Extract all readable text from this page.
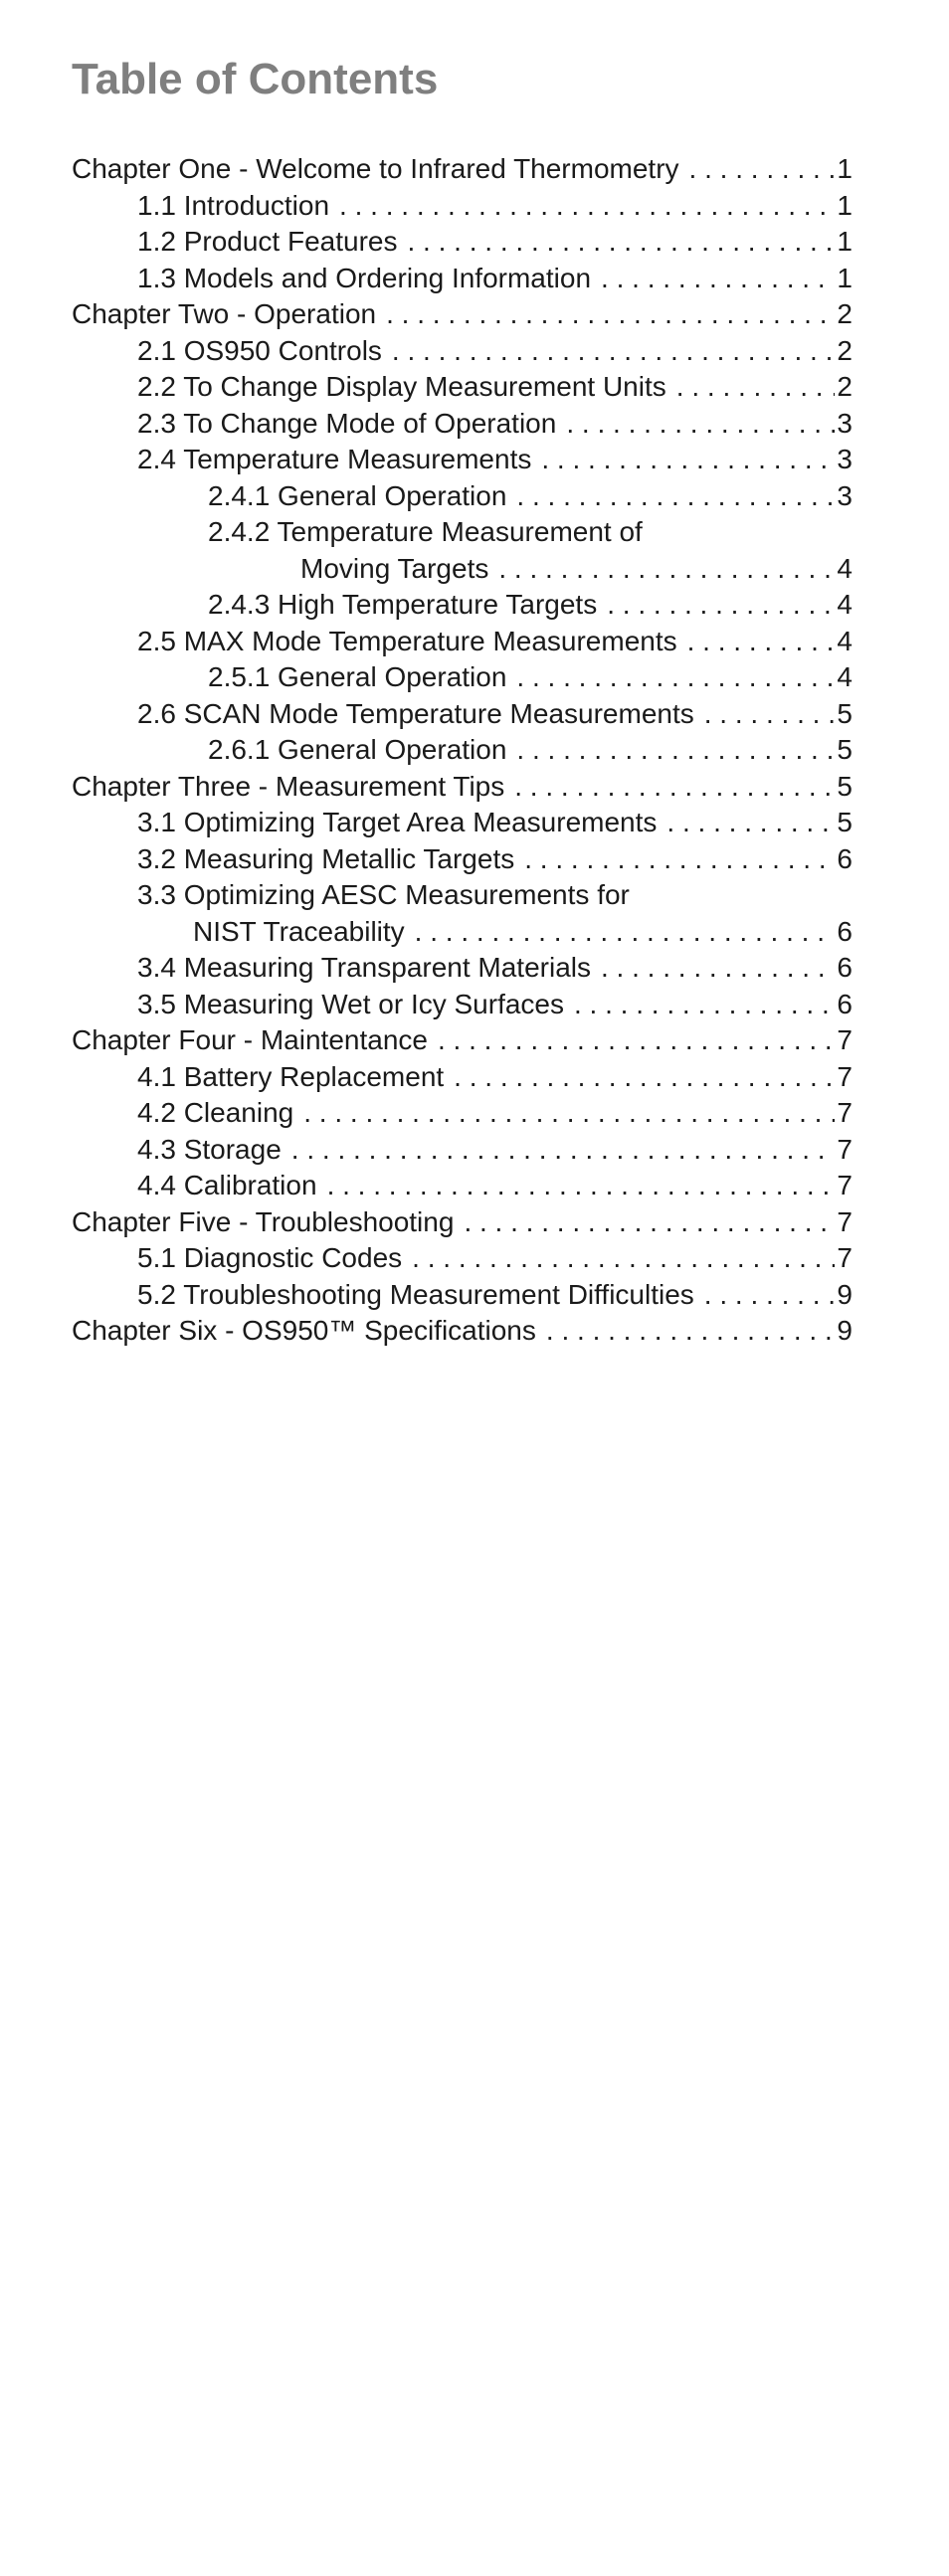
Table of Contents
Chapter One - Welcome to Infrared Thermometry . . .	1
1.1 Introduction . . .	1
1.2 Product Features . . .	1
1.3 Models and Ordering Information . . .	1
Chapter Two - Operation . . .	2
2.1 OS950 Controls . . .	2
2.2 To Change Display Measurement Units . . .	2
2.3 To Change Mode of Operation . . .	3
2.4 Temperature Measurements . . .	3
2.4.1 General Operation . . .	3
2.4.2 Temperature Measurement of
Moving Targets . . .	4
2.4.3 High Temperature Targets . . .	4
2.5 MAX Mode Temperature Measurements . . .	4
2.5.1 General Operation . . .	4
2.6 SCAN Mode Temperature Measurements . . .	5
2.6.1 General Operation . . .	5
Chapter Three - Measurement Tips . . .	5
3.1 Optimizing Target Area Measurements . . .	5
3.2 Measuring Metallic Targets . . .	6
3.3 Optimizing AESC Measurements for
NIST Traceability . . .	6
3.4 Measuring Transparent Materials . . .	6
3.5 Measuring Wet or Icy Surfaces . . .	6
Chapter Four - Maintentance . . .	7
4.1 Battery Replacement . . .	7
4.2 Cleaning . . .	7
4.3 Storage . . .	7
4.4 Calibration . . .	7
Chapter Five - Troubleshooting . . .	7
5.1 Diagnostic Codes . . .	7
5.2 Troubleshooting Measurement Difficulties . . .	9
Chapter Six - OS950™ Specifications . . .	9
